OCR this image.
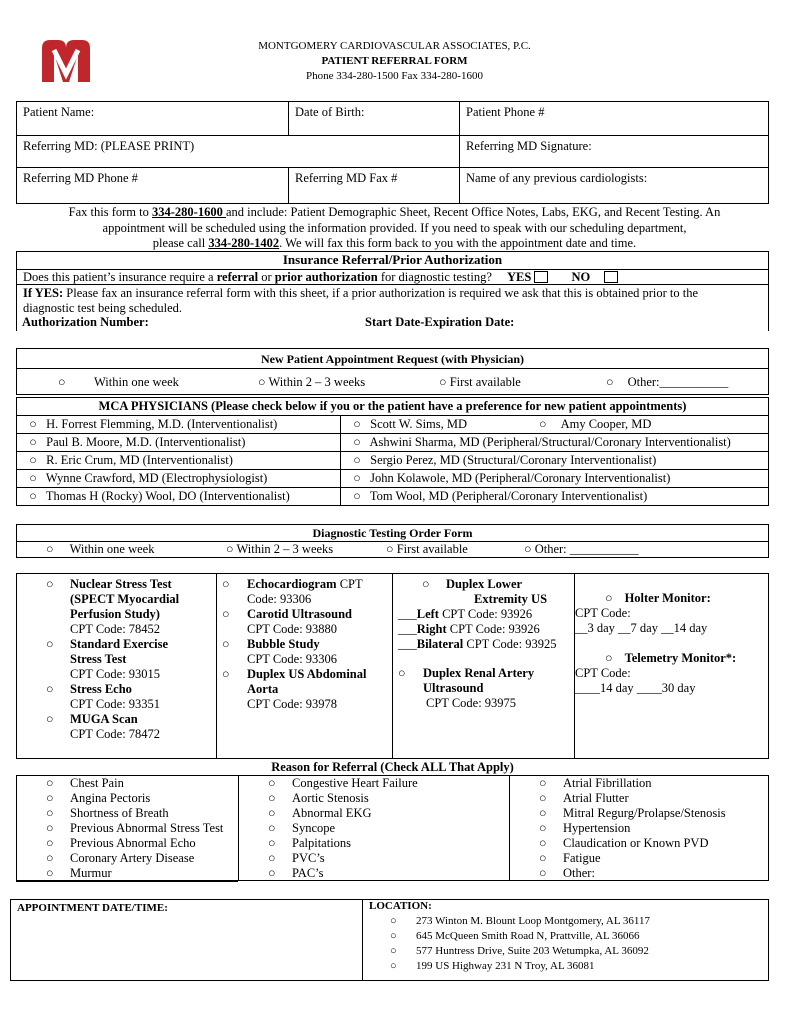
MONTGOMERY CARDIOVASCULAR ASSOCIATES, P.C.
PATIENT REFERRAL FORM
Phone 334-280-1500 Fax 334-280-1600
Patient Name:	Date of Birth:	Patient Phone #
Referring MD: (PLEASE PRINT)		Referring MD Signature:
Referring MD Phone #	Referring MD Fax #	Name of any previous cardiologists:
Fax this form to 334-280-1600 and include: Patient Demographic Sheet, Recent Office Notes, Labs, EKG, and Recent Testing. An
appointment will be scheduled using the information provided. If you need to speak with our scheduling department,
please call 334-280-1402. We will fax this form back to you with the appointment date and time.
Insurance Referral/Prior Authorization
Does this patient’s insurance require a referral or prior authorization for diagnostic testing? YES	NO
If YES: Please fax an insurance referral form with this sheet, if a prior authorization is required we ask that this is obtained prior to the
diagnostic test being scheduled.
Authorization Number:	Start Date-Expiration Date:
New Patient Appointment Request (with Physician)
○ Within one week	○ Within 2 – 3 weeks	○ First available	○ Other:___________
MCA PHYSICIANS (Please check below if you or the patient have a preference for new patient appointments)	
○ H. Forrest Flemming, M.D. (Interventionalist)	○ Scott W. Sims, MD ○ Amy Cooper, MD
○ Paul B. Moore, M.D. (Interventionalist)	○ Ashwini Sharma, MD (Peripheral/Structural/Coronary Interventionalist)
○ R. Eric Crum, MD (Interventionalist)	○ Sergio Perez, MD (Structural/Coronary Interventionalist)
○ Wynne Crawford, MD (Electrophysiologist)	○ John Kolawole, MD (Peripheral/Coronary Interventionalist)
○ Thomas H (Rocky) Wool, DO (Interventionalist)	○ Tom Wool, MD (Peripheral/Coronary Interventionalist)
Diagnostic Testing Order Form
○ Within one week	○ Within 2 – 3 weeks	○ First available	○ Other: ___________
○ Nuclear Stress Test
(SPECT Myocardial
Perfusion Study)
CPT Code: 78452
○ Standard Exercise
Stress Test
CPT Code: 93015
○ Stress Echo
CPT Code: 93351
○ MUGA Scan
CPT Code: 78472
○ Echocardiogram CPT
Code: 93306
○ Carotid Ultrasound
CPT Code: 93880
○ Bubble Study
CPT Code: 93306
○ Duplex US Abdominal
Aorta
CPT Code: 93978
○ Duplex Lower
Extremity US
___Left CPT Code: 93926
___Right CPT Code: 93926
___Bilateral CPT Code: 93925
○ Duplex Renal Artery
Ultrasound
CPT Code: 93975
○ Holter Monitor:
CPT Code:
__3 day __7 day __14 day
○ Telemetry Monitor*:
CPT Code:
____14 day ____30 day
Reason for Referral (Check ALL That Apply)
○ Chest Pain
○ Angina Pectoris
○ Shortness of Breath
○ Previous Abnormal Stress Test
○ Previous Abnormal Echo
○ Coronary Artery Disease
○ Murmur
○ Congestive Heart Failure
○ Aortic Stenosis
○ Abnormal EKG
○ Syncope
○ Palpitations
○ PVC’s
○ PAC’s
○ Atrial Fibrillation
○ Atrial Flutter
○ Mitral Regurg/Prolapse/Stenosis
○ Hypertension
○ Claudication or Known PVD
○ Fatigue
○ Other:
APPOINTMENT DATE/TIME:	LOCATION:
○ 273 Winton M. Blount Loop Montgomery, AL 36117
○ 645 McQueen Smith Road N, Prattville, AL 36066
○ 577 Huntress Drive, Suite 203 Wetumpka, AL 36092
○ 199 US Highway 231 N Troy, AL 36081
